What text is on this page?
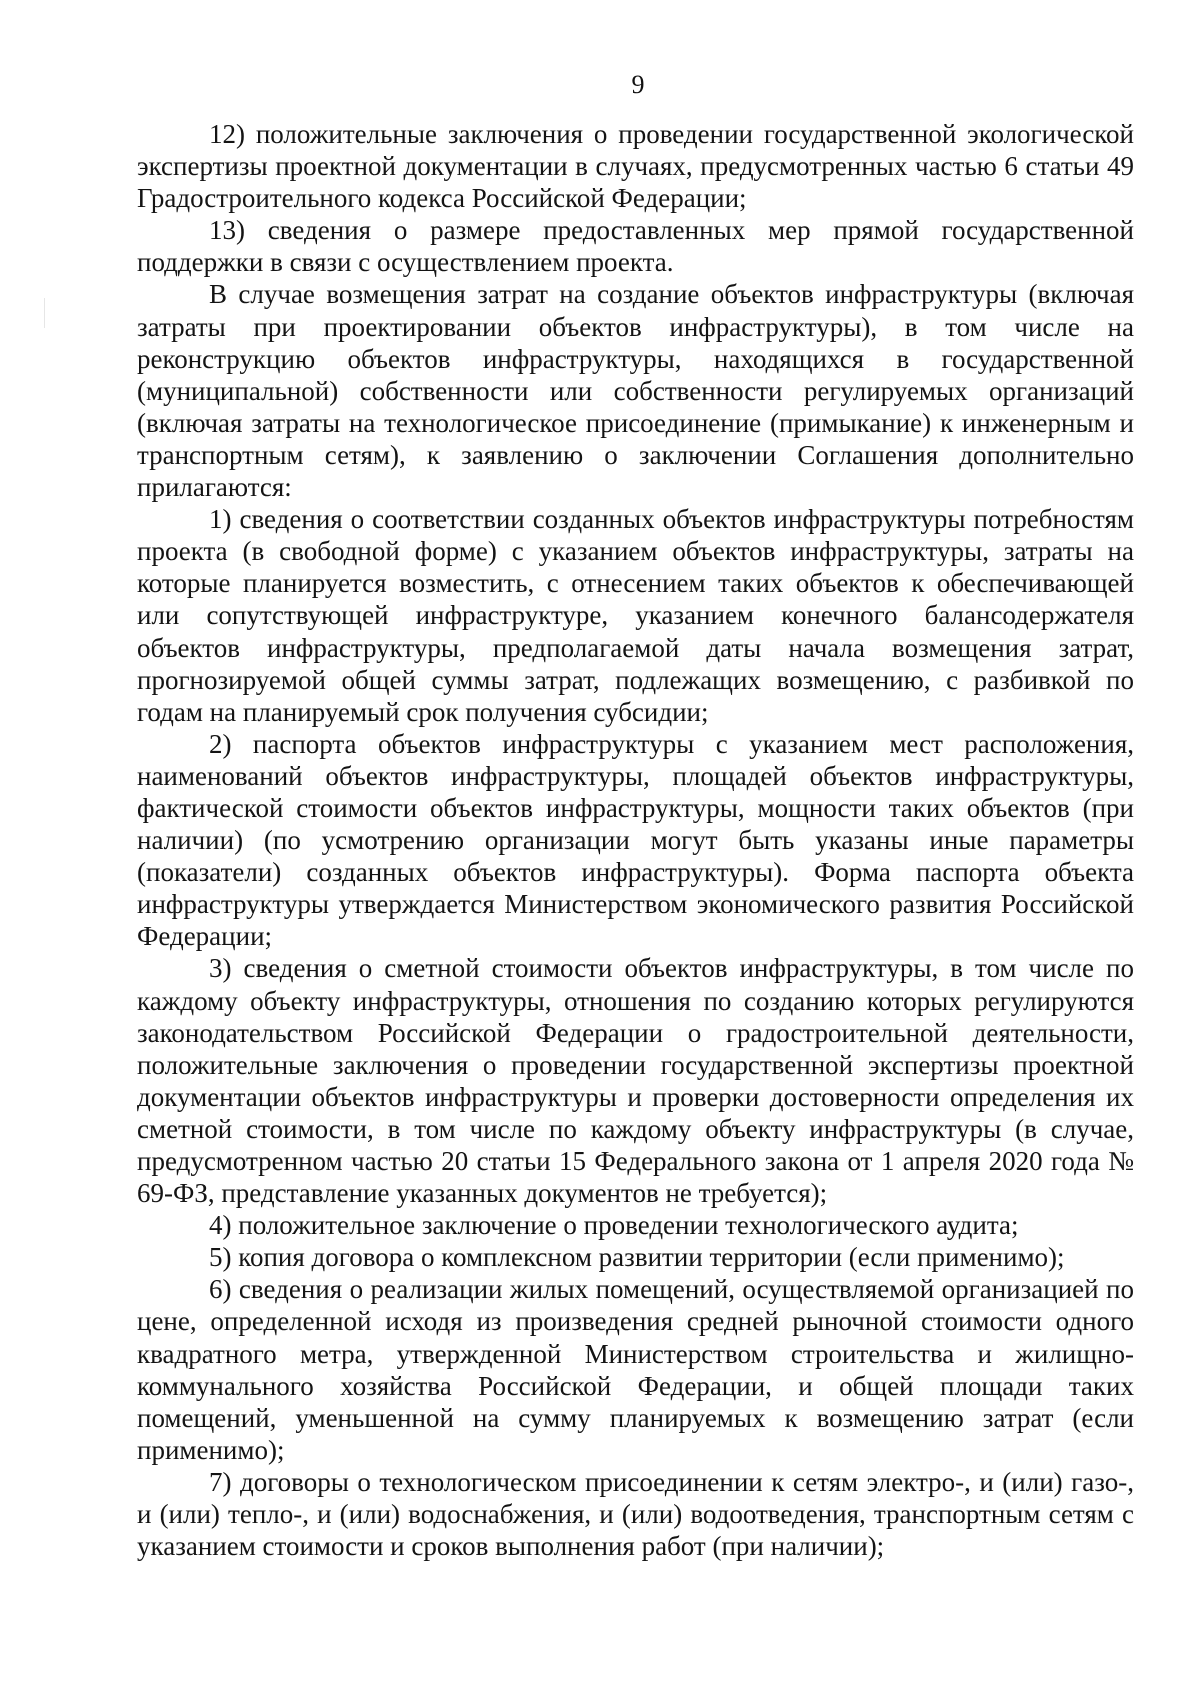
9

12) положительные заключения о проведении государственной экологической экспертизы проектной документации в случаях, предусмотренных частью 6 статьи 49 Градостроительного кодекса Российской Федерации;

13) сведения о размере предоставленных мер прямой государственной поддержки в связи с осуществлением проекта.

В случае возмещения затрат на создание объектов инфраструктуры (включая затраты при проектировании объектов инфраструктуры), в том числе на реконструкцию объектов инфраструктуры, находящихся в государственной (муниципальной) собственности или собственности регулируемых организаций (включая затраты на технологическое присоединение (примыкание) к инженерным и транспортным сетям), к заявлению о заключении Соглашения дополнительно прилагаются:

1) сведения о соответствии созданных объектов инфраструктуры потребностям проекта (в свободной форме) с указанием объектов инфраструктуры, затраты на которые планируется возместить, с отнесением таких объектов к обеспечивающей или сопутствующей инфраструктуре, указанием конечного балансодержателя объектов инфраструктуры, предполагаемой даты начала возмещения затрат, прогнозируемой общей суммы затрат, подлежащих возмещению, с разбивкой по годам на планируемый срок получения субсидии;

2) паспорта объектов инфраструктуры с указанием мест расположения, наименований объектов инфраструктуры, площадей объектов инфраструктуры, фактической стоимости объектов инфраструктуры, мощности таких объектов (при наличии) (по усмотрению организации могут быть указаны иные параметры (показатели) созданных объектов инфраструктуры). Форма паспорта объекта инфраструктуры утверждается Министерством экономического развития Российской Федерации;

3) сведения о сметной стоимости объектов инфраструктуры, в том числе по каждому объекту инфраструктуры, отношения по созданию которых регулируются законодательством Российской Федерации о градостроительной деятельности, положительные заключения о проведении государственной экспертизы проектной документации объектов инфраструктуры и проверки достоверности определения их сметной стоимости, в том числе по каждому объекту инфраструктуры (в случае, предусмотренном частью 20 статьи 15 Федерального закона от 1 апреля 2020 года № 69-ФЗ, представление указанных документов не требуется);

4) положительное заключение о проведении технологического аудита;

5) копия договора о комплексном развитии территории (если применимо);

6) сведения о реализации жилых помещений, осуществляемой организацией по цене, определенной исходя из произведения средней рыночной стоимости одного квадратного метра, утвержденной Министерством строительства и жилищно-коммунального хозяйства Российской Федерации, и общей площади таких помещений, уменьшенной на сумму планируемых к возмещению затрат (если применимо);

7) договоры о технологическом присоединении к сетям электро-, и (или) газо-, и (или) тепло-, и (или) водоснабжения, и (или) водоотведения, транспортным сетям с указанием стоимости и сроков выполнения работ (при наличии);
